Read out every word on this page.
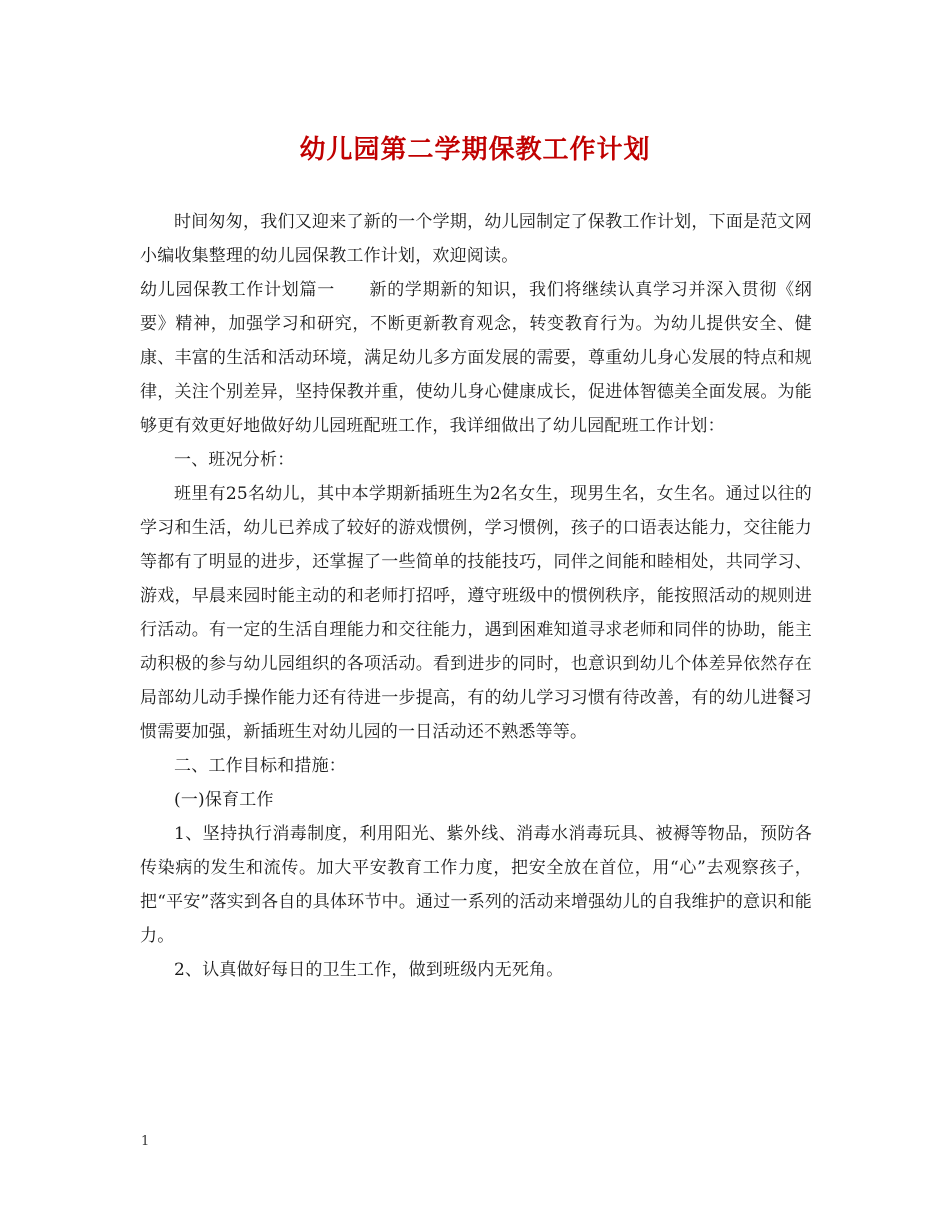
幼儿园第二学期保教工作计划

时间匆匆，我们又迎来了新的一个学期，幼儿园制定了保教工作计划，下面是范文网小编收集整理的幼儿园保教工作计划，欢迎阅读。

幼儿园保教工作计划篇一 新的学期新的知识，我们将继续认真学习并深入贯彻《纲要》精神，加强学习和研究，不断更新教育观念，转变教育行为。为幼儿提供安全、健康、丰富的生活和活动环境，满足幼儿多方面发展的需要，尊重幼儿身心发展的特点和规律，关注个别差异，坚持保教并重，使幼儿身心健康成长，促进体智德美全面发展。为能够更有效更好地做好幼儿园班配班工作，我详细做出了幼儿园配班工作计划：

一、班况分析：

班里有25名幼儿，其中本学期新插班生为2名女生，现男生名，女生名。通过以往的学习和生活，幼儿已养成了较好的游戏惯例，学习惯例，孩子的口语表达能力，交往能力等都有了明显的进步，还掌握了一些简单的技能技巧，同伴之间能和睦相处，共同学习、游戏，早晨来园时能主动的和老师打招呼，遵守班级中的惯例秩序，能按照活动的规则进行活动。有一定的生活自理能力和交往能力，遇到困难知道寻求老师和同伴的协助，能主动积极的参与幼儿园组织的各项活动。看到进步的同时，也意识到幼儿个体差异依然存在局部幼儿动手操作能力还有待进一步提高，有的幼儿学习习惯有待改善，有的幼儿进餐习惯需要加强，新插班生对幼儿园的一日活动还不熟悉等等。

二、工作目标和措施：

(一)保育工作

1、坚持执行消毒制度，利用阳光、紫外线、消毒水消毒玩具、被褥等物品，预防各传染病的发生和流传。加大平安教育工作力度，把安全放在首位，用“心”去观察孩子，把“平安”落实到各自的具体环节中。通过一系列的活动来增强幼儿的自我维护的意识和能力。

2、认真做好每日的卫生工作，做到班级内无死角。

1
